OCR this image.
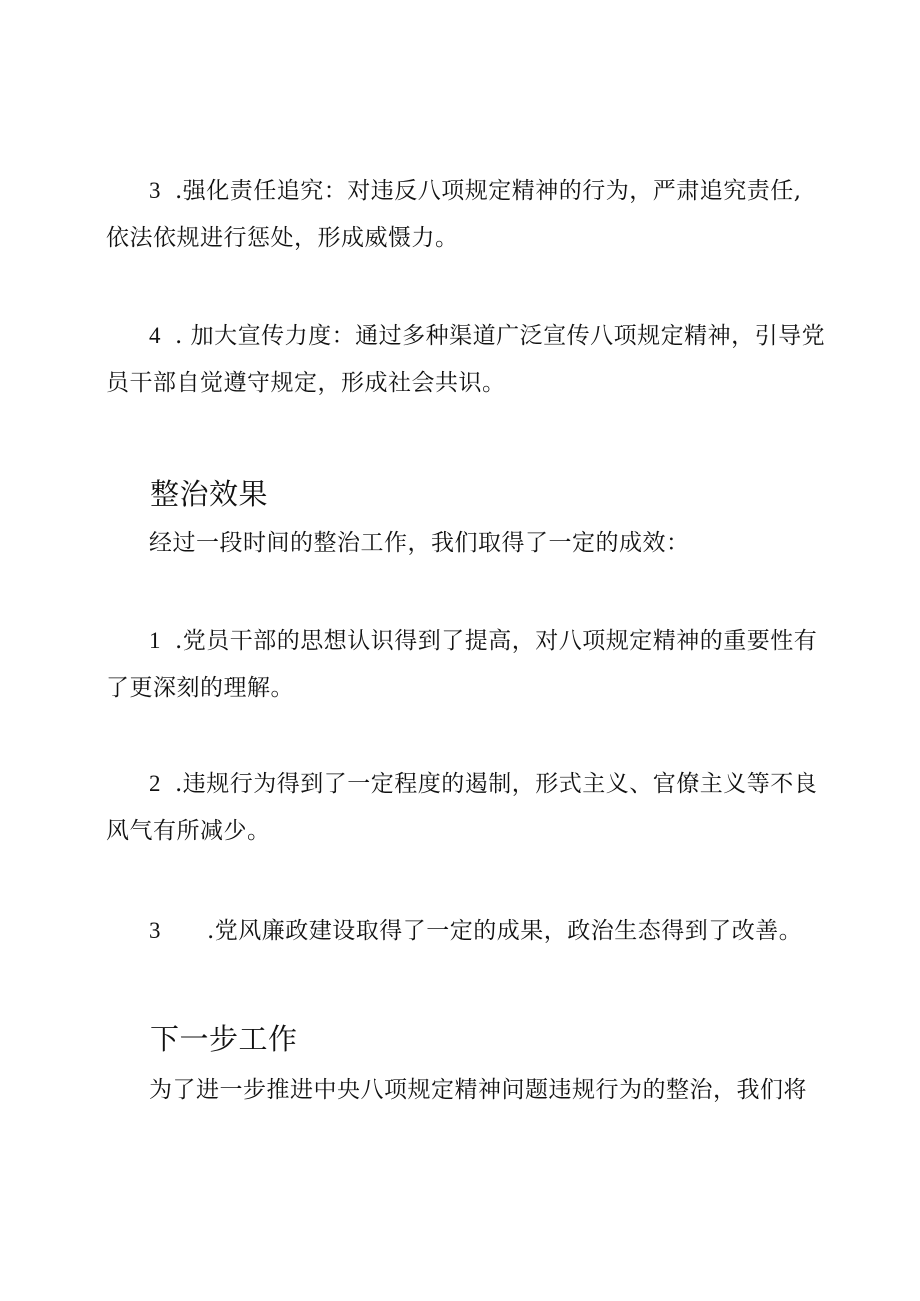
3 .强化责任追究：对违反八项规定精神的行为，严肃追究责任,
依法依规进行惩处，形成威慑力。
4 . 加大宣传力度：通过多种渠道广泛宣传八项规定精神，引导党
员干部自觉遵守规定，形成社会共识。
整治效果
经过一段时间的整治工作，我们取得了一定的成效：
1 .党员干部的思想认识得到了提高，对八项规定精神的重要性有
了更深刻的理解。
2 .违规行为得到了一定程度的遏制，形式主义、官僚主义等不良
风气有所减少。
3 .党风廉政建设取得了一定的成果，政治生态得到了改善。
下一步工作
为了进一步推进中央八项规定精神问题违规行为的整治，我们将
